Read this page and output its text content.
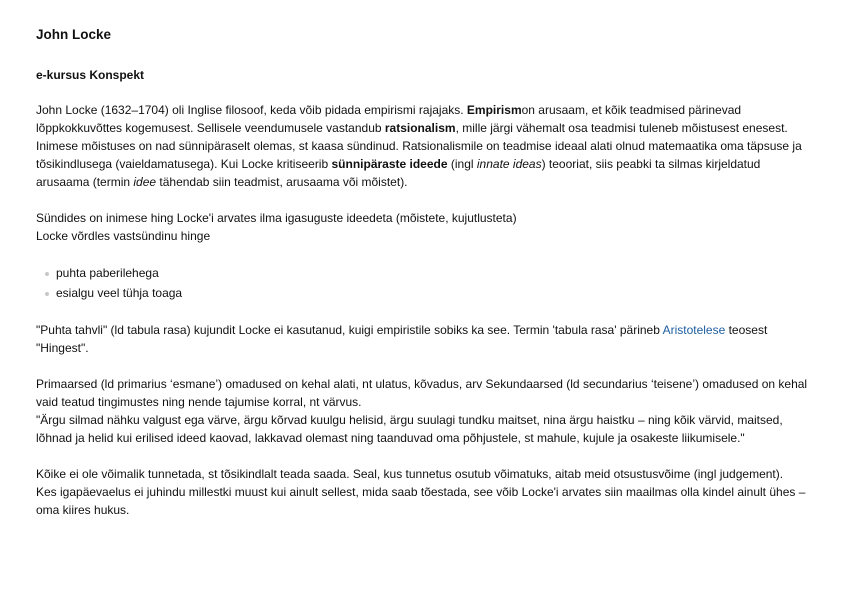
John Locke
e-kursus Konspekt

John Locke (1632–1704) oli Inglise filosoof, keda võib pidada empirismi rajajaks. Empirismon arusaam, et kõik teadmised pärinevad lõppkokkuvõttes kogemusest. Sellisele veendumusele vastandub ratsionalism, mille järgi vähemalt osa teadmisi tuleneb mõistusest enesest. Inimese mõistuses on nad sünnipäraselt olemas, st kaasa sündinud. Ratsionalismile on teadmise ideaal alati olnud matemaatika oma täpsuse ja tõsikindlusega (vaieldamatusega). Kui Locke kritiseerib sünnipäraste ideede (ingl innate ideas) teooriat, siis peabki ta silmas kirjeldatud arusaama (termin idee tähendab siin teadmist, arusaama või mõistet).

Sündides on inimese hing Locke'i arvates ilma igasuguste ideedeta (mõistete, kujutlusteta)
Locke võrdles vastsündinu hinge

puhta paberilehega
esialgu veel tühja toaga

"Puhta tahvli" (ld tabula rasa) kujundit Locke ei kasutanud, kuigi empiristile sobiks ka see. Termin 'tabula rasa' pärineb Aristotelese teosest "Hingest".

Primaarsed (ld primarius ‘esmane’) omadused on kehal alati, nt ulatus, kõvadus, arv Sekundaarsed (ld secundarius ‘teisene’) omadused on kehal vaid teatud tingimustes ning nende tajumise korral, nt värvus.
"Ärgu silmad nähku valgust ega värve, ärgu kõrvad kuulgu helisid, ärgu suulagi tundku maitset, nina ärgu haistku – ning kõik värvid, maitsed, lõhnad ja helid kui erilised ideed kaovad, lakkavad olemast ning taanduvad oma põhjustele, st mahule, kujule ja osakeste liikumisele."

Kõike ei ole võimalik tunnetada, st tõsikindlalt teada saada. Seal, kus tunnetus osutub võimatuks, aitab meid otsustusvõime (ingl judgement).
Kes igapäevaelus ei juhindu millestki muust kui ainult sellest, mida saab tõestada, see võib Locke'i arvates siin maailmas olla kindel ainult ühes – oma kiires hukus.
